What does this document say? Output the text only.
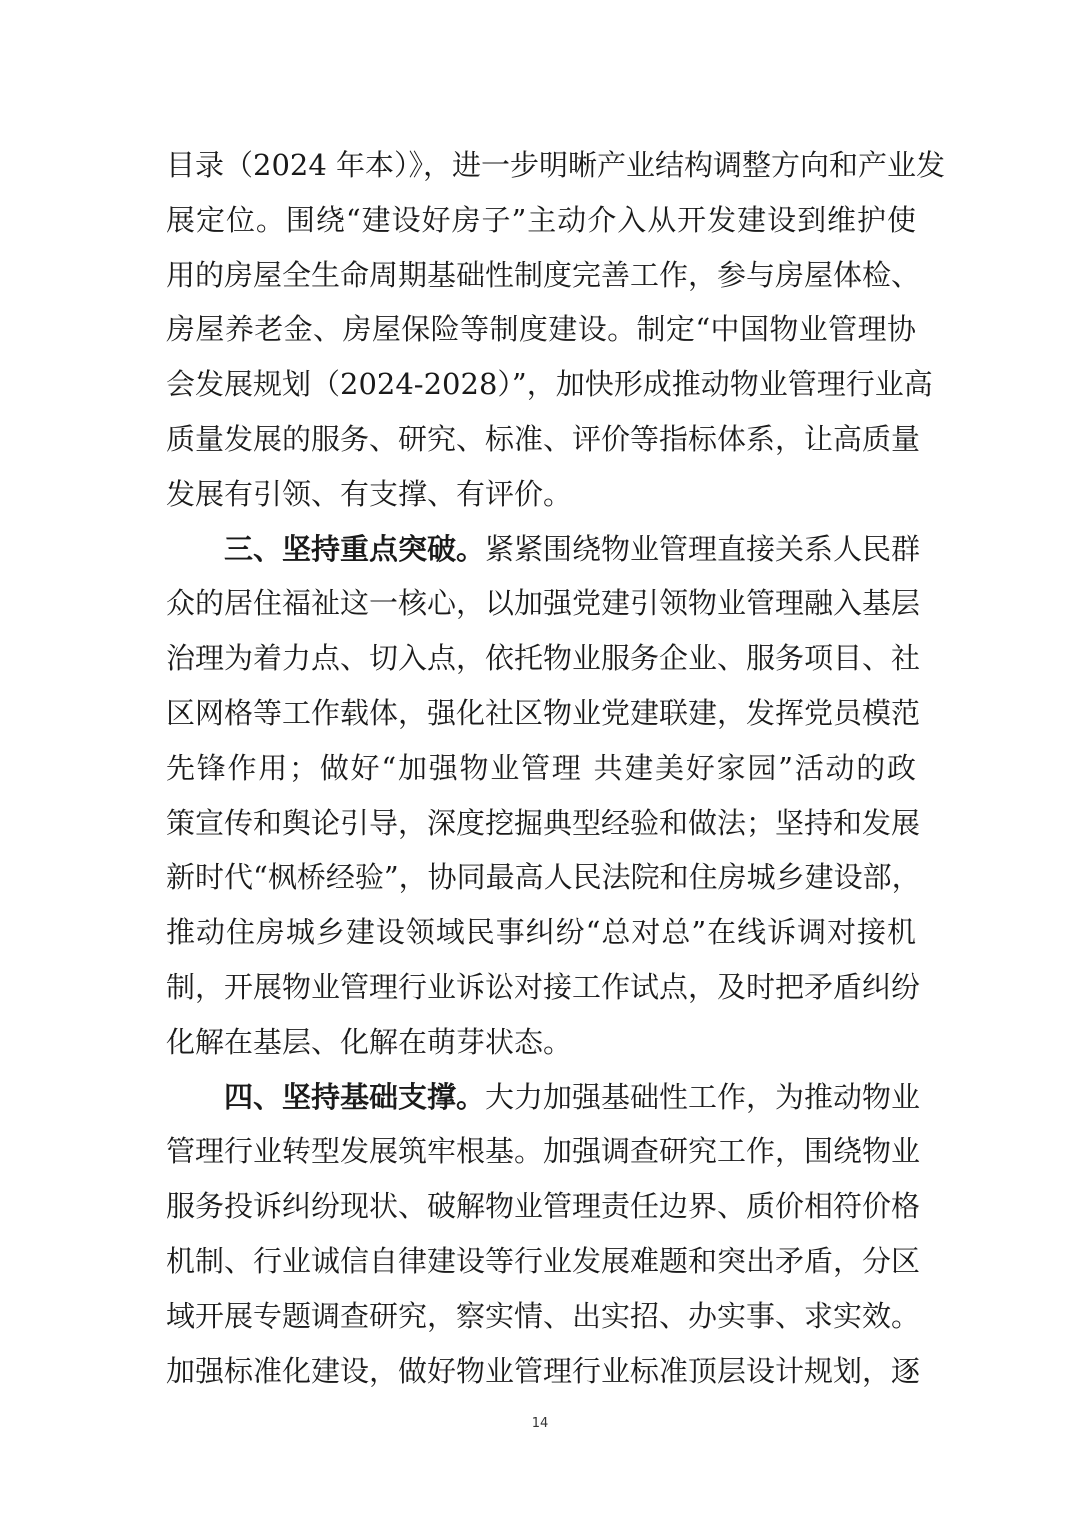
目录（2024 年本）》，进一步明晰产业结构调整方向和产业发
展定位。围绕“建设好房子”主动介入从开发建设到维护使
用的房屋全生命周期基础性制度完善工作，参与房屋体检、
房屋养老金、房屋保险等制度建设。制定“中国物业管理协
会发展规划（2024-2028）”，加快形成推动物业管理行业高
质量发展的服务、研究、标准、评价等指标体系，让高质量
发展有引领、有支撑、有评价。
三、坚持重点突破。紧紧围绕物业管理直接关系人民群
众的居住福祉这一核心，以加强党建引领物业管理融入基层
治理为着力点、切入点，依托物业服务企业、服务项目、社
区网格等工作载体，强化社区物业党建联建，发挥党员模范
先锋作用；做好“加强物业管理 共建美好家园”活动的政
策宣传和舆论引导，深度挖掘典型经验和做法；坚持和发展
新时代“枫桥经验”，协同最高人民法院和住房城乡建设部，
推动住房城乡建设领域民事纠纷“总对总”在线诉调对接机
制，开展物业管理行业诉讼对接工作试点，及时把矛盾纠纷
化解在基层、化解在萌芽状态。
四、坚持基础支撑。大力加强基础性工作，为推动物业
管理行业转型发展筑牢根基。加强调查研究工作，围绕物业
服务投诉纠纷现状、破解物业管理责任边界、质价相符价格
机制、行业诚信自律建设等行业发展难题和突出矛盾，分区
域开展专题调查研究，察实情、出实招、办实事、求实效。
加强标准化建设，做好物业管理行业标准顶层设计规划，逐
14
